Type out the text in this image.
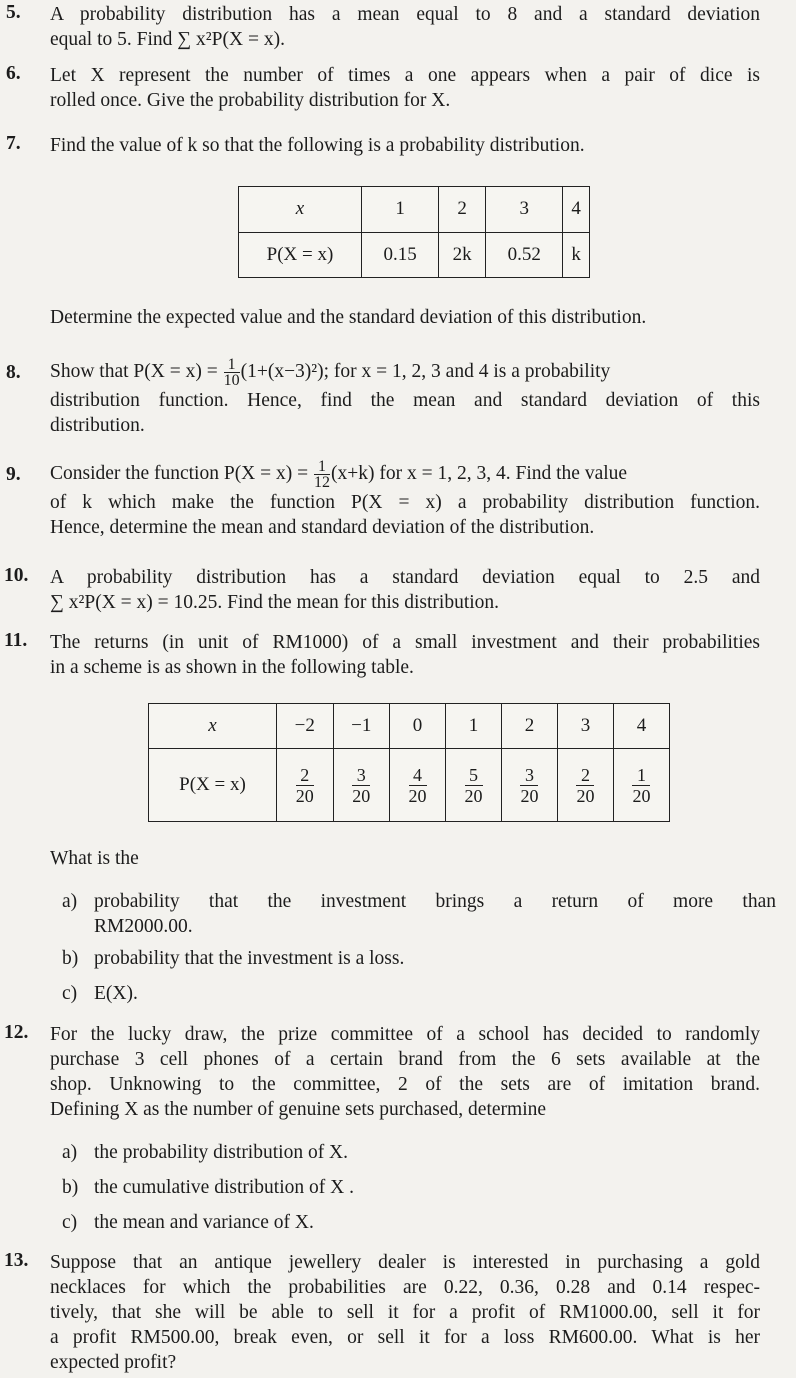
5. A probability distribution has a mean equal to 8 and a standard deviation
equal to 5. Find ∑ x²P(X = x).
6. Let X represent the number of times a one appears when a pair of dice is
rolled once. Give the probability distribution for X.
7. Find the value of k so that the following is a probability distribution.
x	1	2	3	4
P(X = x)	0.15	2k	0.52	k
Determine the expected value and the standard deviation of this distribution.
8. Show that $P(X = x) = \frac{1}{10} (1+(x-3)^2)$; for x = 1, 2, 3 and 4 is a probability
distribution function. Hence, find the mean and standard deviation of this
distribution.
9. Consider the function $P(X = x) = \frac{1}{12} (x+k)$ for x = 1, 2, 3, 4. Find the value
of k which make the function P(X = x) a probability distribution function.
Hence, determine the mean and standard deviation of the distribution.
10. A probability distribution has a standard deviation equal to 2.5 and
∑ x²P(X = x) = 10.25. Find the mean for this distribution.
11. The returns (in unit of RM1000) of a small investment and their probabilities
in a scheme is as shown in the following table.
x	−2	−1	0	1	2	3	4
P(X = x)	$\frac{2}{20}$	$\frac{3}{20}$	$\frac{4}{20}$	$\frac{5}{20}$	$\frac{3}{20}$	$\frac{2}{20}$	$\frac{1}{20}$
What is the
a) probability that the investment brings a return of more than
RM2000.00.
b) probability that the investment is a loss.
c) E(X).
12. For the lucky draw, the prize committee of a school has decided to randomly
purchase 3 cell phones of a certain brand from the 6 sets available at the
shop. Unknowing to the committee, 2 of the sets are of imitation brand.
Defining X as the number of genuine sets purchased, determine
a) the probability distribution of X.
b) the cumulative distribution of X .
c) the mean and variance of X.
13. Suppose that an antique jewellery dealer is interested in purchasing a gold
necklaces for which the probabilities are 0.22, 0.36, 0.28 and 0.14 respec-
tively, that she will be able to sell it for a profit of RM1000.00, sell it for
a profit RM500.00, break even, or sell it for a loss RM600.00. What is her
expected profit?
